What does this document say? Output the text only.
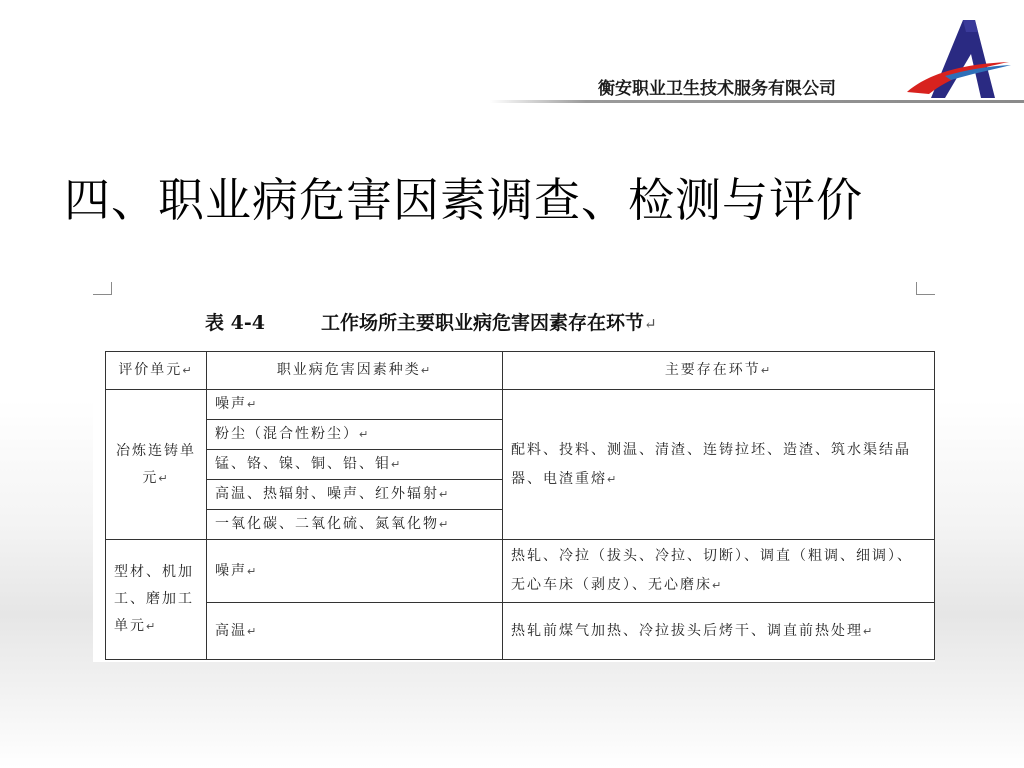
衡安职业卫生技术服务有限公司
四、职业病危害因素调查、检测与评价
表 4-4	工作场所主要职业病危害因素存在环节↵
评价单元↵	职业病危害因素种类↵	主要存在环节↵
冶炼连铸单元↵	噪声↵	配料、投料、测温、清渣、连铸拉坯、造渣、筑水渠结晶器、电渣重熔↵
	粉尘（混合性粉尘）↵	
	锰、铬、镍、铜、铅、钼↵	
	高温、热辐射、噪声、红外辐射↵	
	一氧化碳、二氧化硫、氮氧化物↵	
型材、机加工、磨加工单元↵	噪声↵	热轧、冷拉（拔头、冷拉、切断）、调直（粗调、细调）、无心车床（剥皮）、无心磨床↵
	高温↵	热轧前煤气加热、冷拉拔头后烤干、调直前热处理↵
